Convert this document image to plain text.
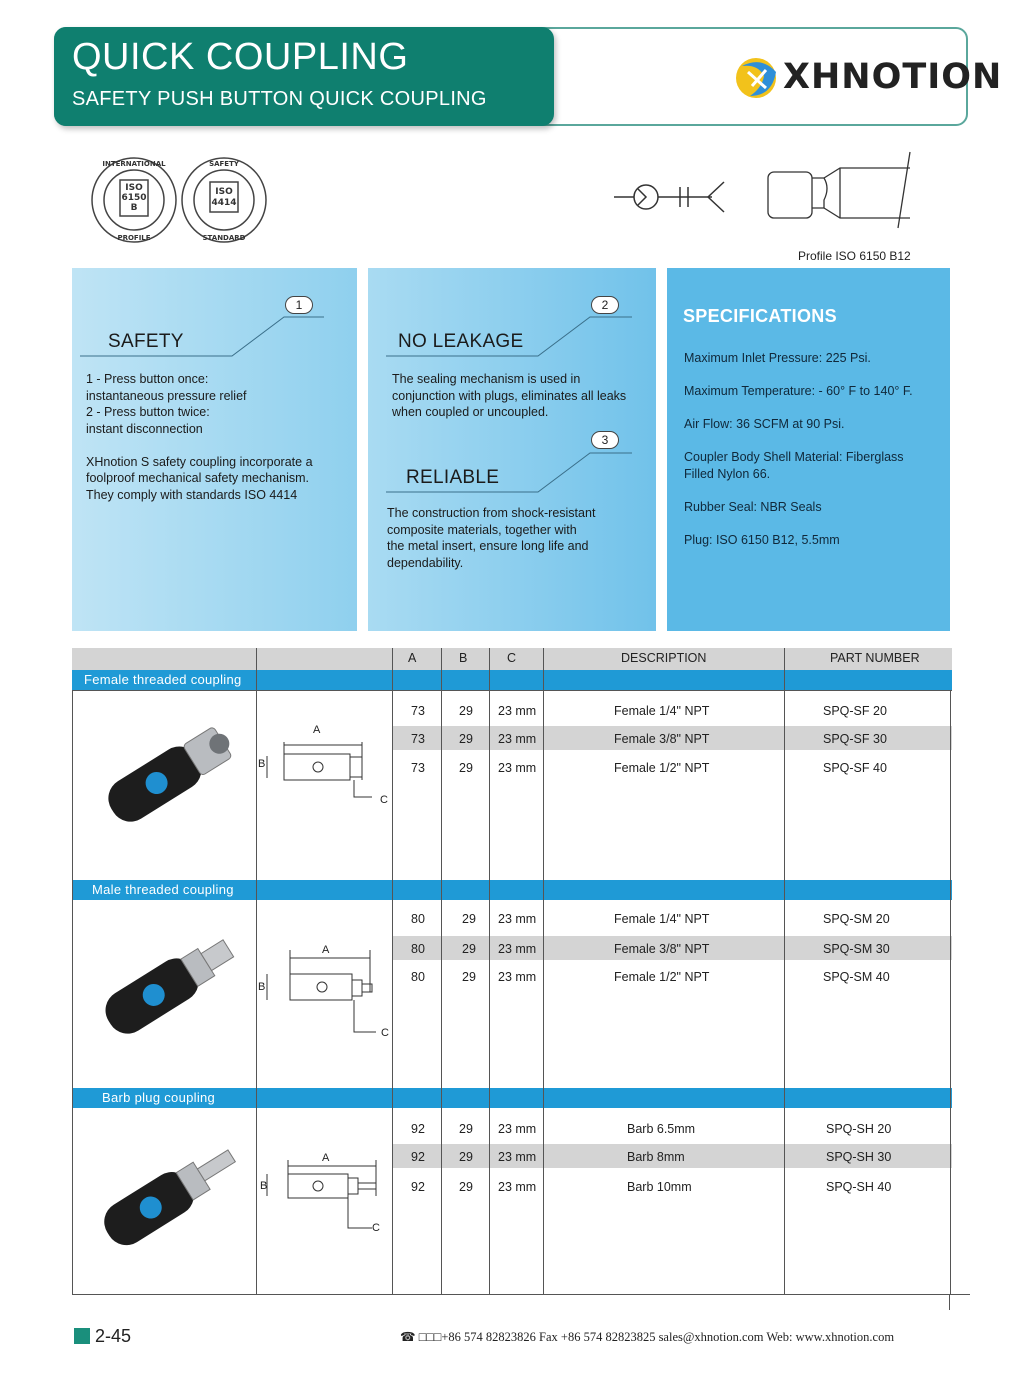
QUICK COUPLING
SAFETY PUSH BUTTON QUICK COUPLING
XHNOTION
ISO
6150
B
INTERNATIONAL
PROFILE
ISO
4414
SAFETY
STANDARD
Profile ISO 6150 B12
1
SAFETY
1 - Press button once:
instantaneous pressure relief
2 - Press button twice:
instant disconnection
XHnotion S safety coupling incorporate a
foolproof mechanical safety mechanism.
They comply with standards ISO 4414
2
NO LEAKAGE
The sealing mechanism is used in
conjunction with plugs, eliminates all leaks
when coupled or uncoupled.
3
RELIABLE
The construction from shock-resistant
composite materials, together with
the metal insert, ensure long life and
dependability.
SPECIFICATIONS
Maximum Inlet Pressure: 225 Psi.
Maximum Temperature: - 60° F to 140° F.
Air Flow: 36 SCFM at 90 Psi.
Coupler Body Shell Material: Fiberglass Filled Nylon 66.
Rubber Seal: NBR Seals
Plug: ISO 6150 B12, 5.5mm
A	B	C	DESCRIPTION	PART NUMBER
Female threaded coupling
Male threaded coupling
Barb plug coupling
73	29 23 mm	Female 1/4" NPT	SPQ-SF 20
73	29 23 mm	Female 3/8" NPT	SPQ-SF 30
73	29 23 mm	Female 1/2" NPT	SPQ-SF 40
80	29 23 mm	Female 1/4" NPT	SPQ-SM 20
80	29 23 mm	Female 3/8" NPT	SPQ-SM 30
80	29 23 mm	Female 1/2" NPT	SPQ-SM 40
92	29 23 mm	Barb 6.5mm	SPQ-SH 20
92	29 23 mm	Barb 8mm	SPQ-SH 30
92	29 23 mm	Barb 10mm	SPQ-SH 40
A
B
C
A
B
C
A
B
C
2-45	☎ □□□+86 574 82823826 Fax +86 574 82823825 sales@xhnotion.com Web: www.xhnotion.com
